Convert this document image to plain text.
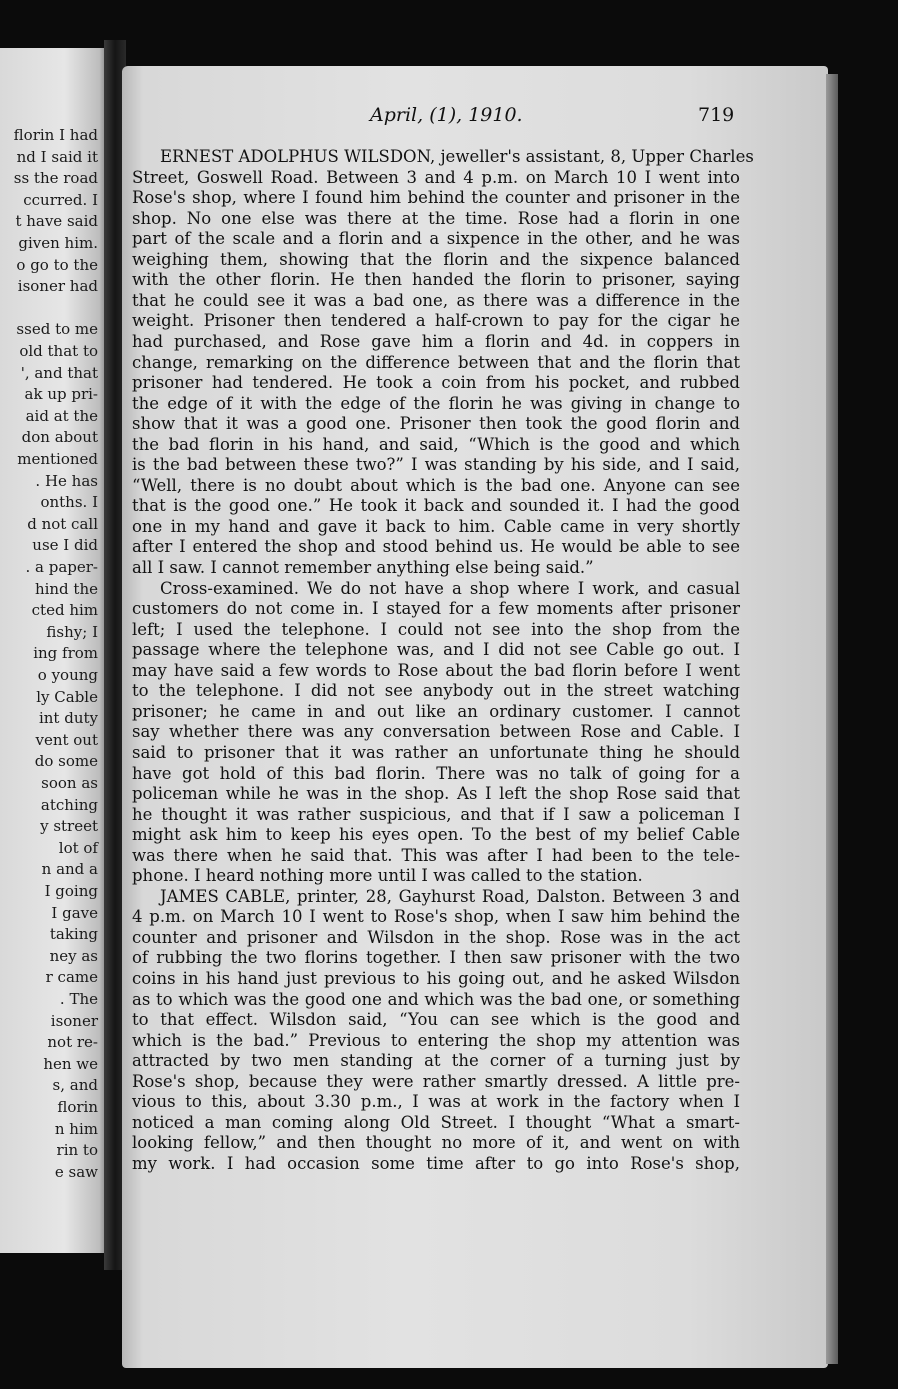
florin I had
nd I said it
ss the road
ccurred. I
t have said
given him.
o go to the
isoner had
ssed to me
old that to
', and that
ak up pri-
aid at the
don about
mentioned
. He has
onths. I
d not call
use I did
. a paper-
hind the
cted him
fishy; I
ing from
o young
ly Cable
int duty
vent out
do some
soon as
atching
y street
lot of
n and a
I going
I gave
taking
ney as
r came
. The
isoner
not re-
hen we
s, and
florin
n him
rin to
e saw
April, (1), 1910.	719
ERNEST ADOLPHUS WILSDON, jeweller's assistant, 8, Upper Charles
Street, Goswell Road. Between 3 and 4 p.m. on March 10 I went into
Rose's shop, where I found him behind the counter and prisoner in the
shop. No one else was there at the time. Rose had a florin in one
part of the scale and a florin and a sixpence in the other, and he was
weighing them, showing that the florin and the sixpence balanced
with the other florin. He then handed the florin to prisoner, saying
that he could see it was a bad one, as there was a difference in the
weight. Prisoner then tendered a half-crown to pay for the cigar he
had purchased, and Rose gave him a florin and 4d. in coppers in
change, remarking on the difference between that and the florin that
prisoner had tendered. He took a coin from his pocket, and rubbed
the edge of it with the edge of the florin he was giving in change to
show that it was a good one. Prisoner then took the good florin and
the bad florin in his hand, and said, “Which is the good and which
is the bad between these two?” I was standing by his side, and I said,
“Well, there is no doubt about which is the bad one. Anyone can see
that is the good one.” He took it back and sounded it. I had the good
one in my hand and gave it back to him. Cable came in very shortly
after I entered the shop and stood behind us. He would be able to see
all I saw. I cannot remember anything else being said.”
Cross-examined. We do not have a shop where I work, and casual
customers do not come in. I stayed for a few moments after prisoner
left; I used the telephone. I could not see into the shop from the
passage where the telephone was, and I did not see Cable go out. I
may have said a few words to Rose about the bad florin before I went
to the telephone. I did not see anybody out in the street watching
prisoner; he came in and out like an ordinary customer. I cannot
say whether there was any conversation between Rose and Cable. I
said to prisoner that it was rather an unfortunate thing he should
have got hold of this bad florin. There was no talk of going for a
policeman while he was in the shop. As I left the shop Rose said that
he thought it was rather suspicious, and that if I saw a policeman I
might ask him to keep his eyes open. To the best of my belief Cable
was there when he said that. This was after I had been to the tele-
phone. I heard nothing more until I was called to the station.
JAMES CABLE, printer, 28, Gayhurst Road, Dalston. Between 3 and
4 p.m. on March 10 I went to Rose's shop, when I saw him behind the
counter and prisoner and Wilsdon in the shop. Rose was in the act
of rubbing the two florins together. I then saw prisoner with the two
coins in his hand just previous to his going out, and he asked Wilsdon
as to which was the good one and which was the bad one, or something
to that effect. Wilsdon said, “You can see which is the good and
which is the bad.” Previous to entering the shop my attention was
attracted by two men standing at the corner of a turning just by
Rose's shop, because they were rather smartly dressed. A little pre-
vious to this, about 3.30 p.m., I was at work in the factory when I
noticed a man coming along Old Street. I thought “What a smart-
looking fellow,” and then thought no more of it, and went on with
my work. I had occasion some time after to go into Rose's shop,
